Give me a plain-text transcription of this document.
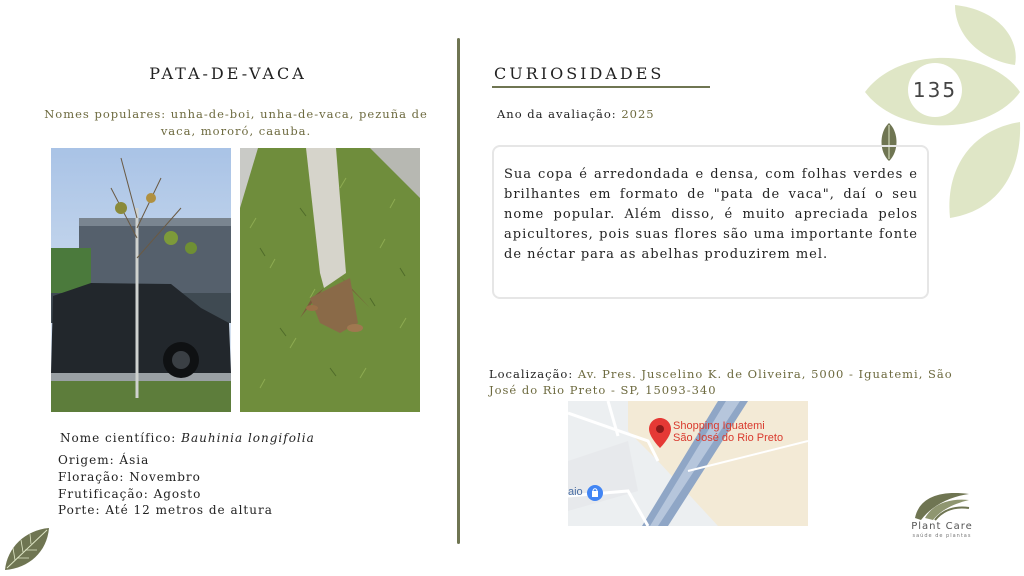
135
PATA-DE-VACA
Nomes populares: unha-de-boi, unha-de-vaca, pezuña de vaca, mororó, caauba.
Nome científico: Bauhinia longifolia
Origem: Ásia
Floração: Novembro
Frutificação: Agosto
Porte: Até 12 metros de altura
CURIOSIDADES
Ano da avaliação: 2025

Sua copa é arredondada e densa, com folhas verdes e brilhantes em formato de "pata de vaca", daí o seu nome popular. Além disso, é muito apreciada pelos apicultores, pois suas flores são uma importante fonte de néctar para as abelhas produzirem mel.

Localização: Av. Pres. Juscelino K. de Oliveira, 5000 - Iguatemi, São José do Rio Preto - SP, 15093-340
Shopping Iguatemi
São José do Rio Preto
aio
Plant Care
saúde de plantas
